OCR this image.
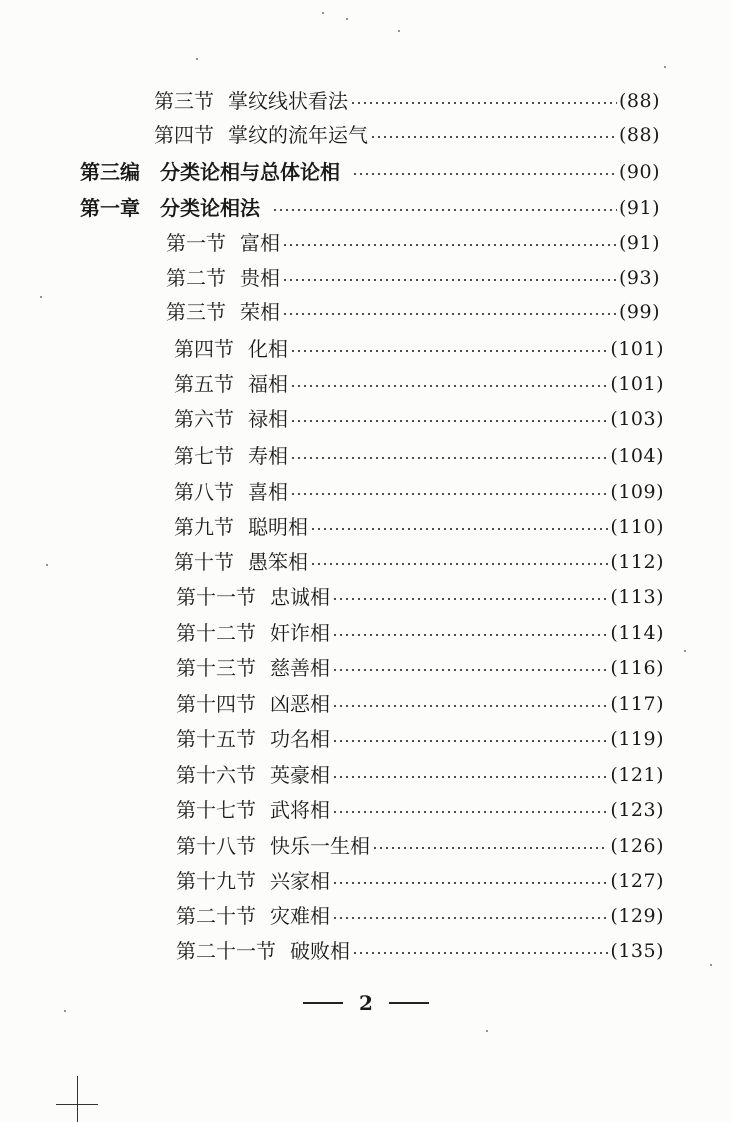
第三节 掌纹线状看法	(88)
第四节 掌纹的流年运气	(88)
第三编 分类论相与总体论相	(90)
第一章 分类论相法	(91)
第一节 富相	(91)
第二节 贵相	(93)
第三节 荣相	(99)
第四节 化相	(101)
第五节 福相	(101)
第六节 禄相	(103)
第七节 寿相	(104)
第八节 喜相	(109)
第九节 聪明相	(110)
第十节 愚笨相	(112)
第十一节 忠诚相	(113)
第十二节 奸诈相	(114)
第十三节 慈善相	(116)
第十四节 凶恶相	(117)
第十五节 功名相	(119)
第十六节 英豪相	(121)
第十七节 武将相	(123)
第十八节 快乐一生相	(126)
第十九节 兴家相	(127)
第二十节 灾难相	(129)
第二十一节 破败相	(135)
2
